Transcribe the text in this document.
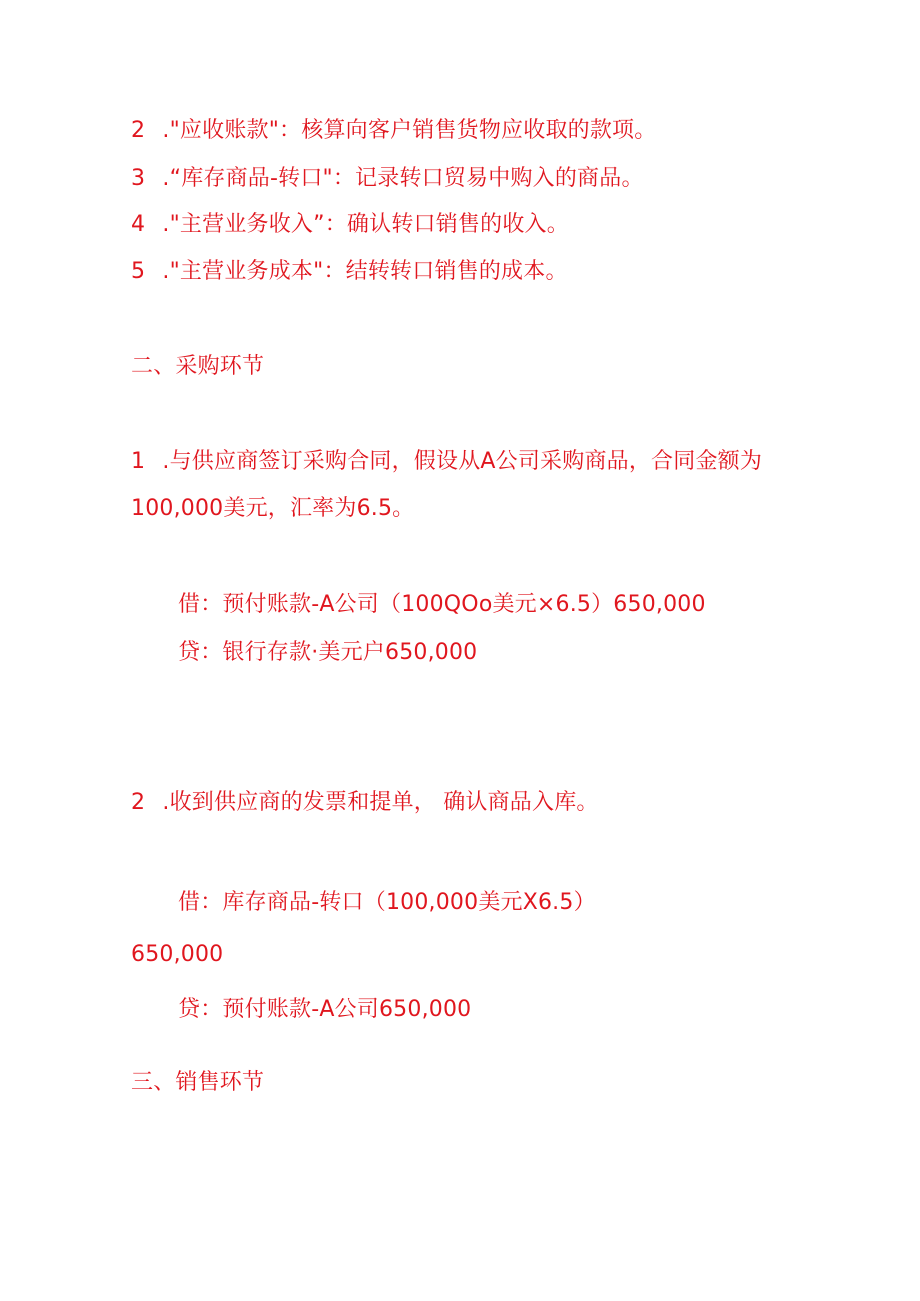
2 ."应收账款"：核算向客户销售货物应收取的款项。
3 .“库存商品-转口"：记录转口贸易中购入的商品。
4 ."主营业务收入”：确认转口销售的收入。
5 ."主营业务成本"：结转转口销售的成本。
二、采购环节
1 .与供应商签订采购合同，假设从A公司采购商品，合同金额为
100,000美元，汇率为6.5。
借：预付账款-A公司（100QOo美元×6.5）650,000
贷：银行存款·美元户650,000
2 .收到供应商的发票和提单， 确认商品入库。
借：库存商品-转口（100,000美元X6.5）
650,000
贷：预付账款-A公司650,000
三、销售环节
